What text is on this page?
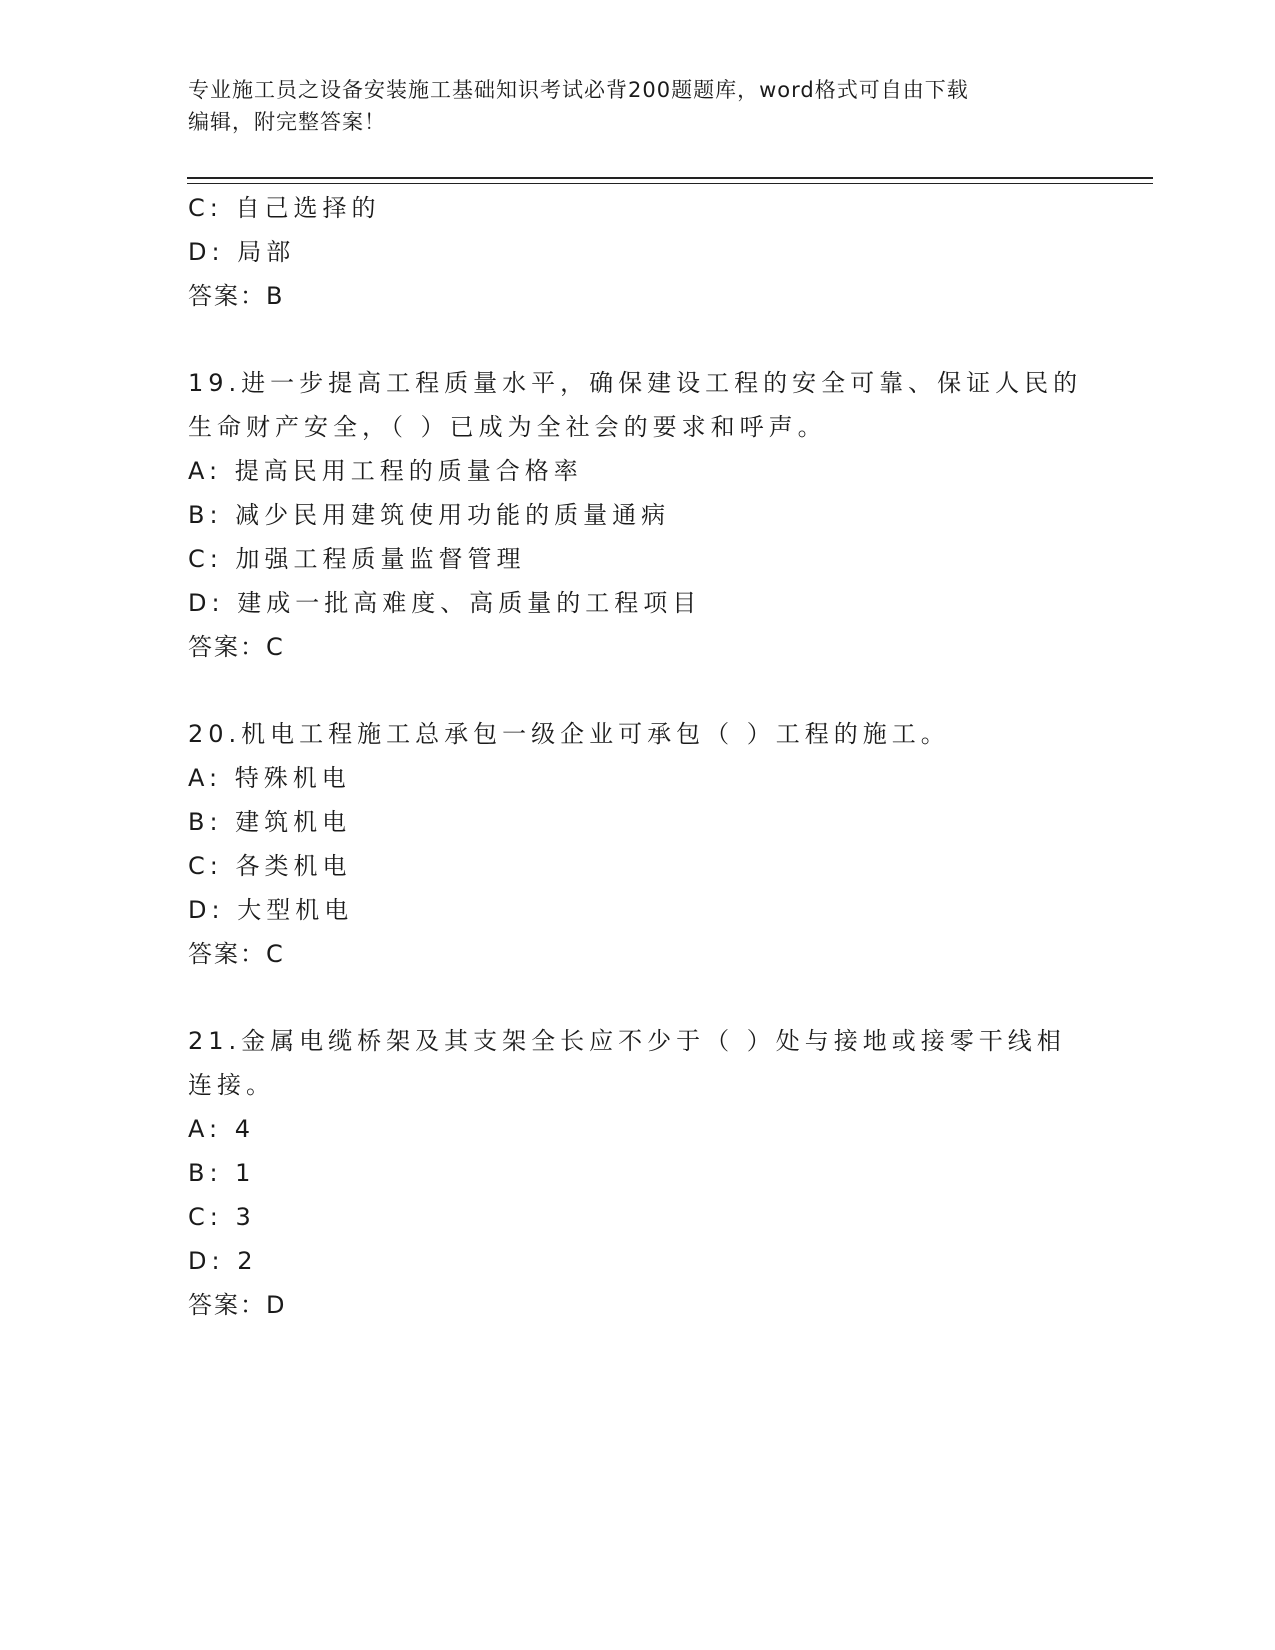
专业施工员之设备安装施工基础知识考试必背200题题库，word格式可自由下载
编辑，附完整答案！
C: 自己选择的
D: 局部
答案：B
19.进一步提高工程质量水平，确保建设工程的安全可靠、保证人民的
生命财产安全，（ ）已成为全社会的要求和呼声。
A: 提高民用工程的质量合格率
B: 减少民用建筑使用功能的质量通病
C: 加强工程质量监督管理
D: 建成一批高难度、高质量的工程项目
答案：C
20.机电工程施工总承包一级企业可承包（ ）工程的施工。
A: 特殊机电
B: 建筑机电
C: 各类机电
D: 大型机电
答案：C
21.金属电缆桥架及其支架全长应不少于（ ）处与接地或接零干线相
连接。
A: 4
B: 1
C: 3
D: 2
答案：D
